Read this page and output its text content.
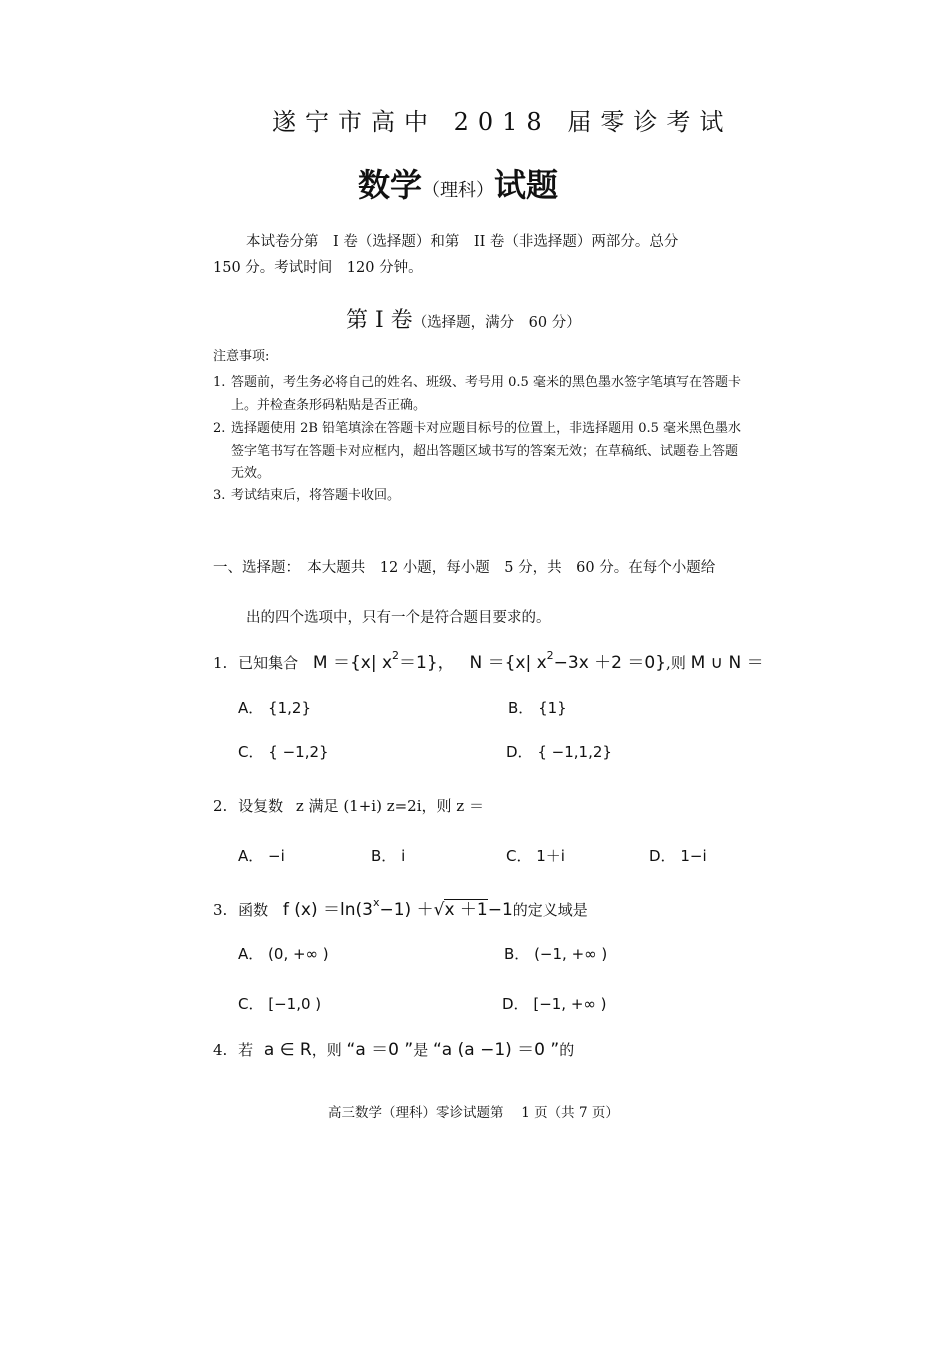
遂宁市高中 2018 届零诊考试
数学（理科）试题
本试卷分第　I 卷（选择题）和第　II 卷（非选择题）两部分。总分
150 分。考试时间　120 分钟。
第 I 卷（选择题，满分　60 分）
注意事项:
1. 答题前，考生务必将自己的姓名、班级、考号用 0.5 毫米的黑色墨水签字笔填写在答题卡
上。并检查条形码粘贴是否正确。
2. 选择题使用 2B 铅笔填涂在答题卡对应题目标号的位置上，非选择题用 0.5 毫米黑色墨水
签字笔书写在答题卡对应框内，超出答题区域书写的答案无效；在草稿纸、试题卷上答题
无效。
3. 考试结束后，将答题卡收回。
一、选择题：　本大题共　12 小题，每小题　5 分，共　60 分。在每个小题给
出的四个选项中，只有一个是符合题目要求的。
1. 已知集合 M ＝{x| $x^2=1$}， N ＝{x| $x^2-3x +2 =0$},则 M ∪ N ＝
A． {1,2}	B． {1}
C． { −1,2}	D． { −1,1,2}
2. 设复数 z 满足 (1+i) z=2i，则 z ＝
A． −i	B． i	C． 1＋i	D． 1−i
3. 函数 f $(x) =\ln(3^x-1) +√x +1-1$的定义域是
A． (0, +∞ )	B． (−1, +∞ )
C． [−1,0 )	D． [−1, +∞ )
4. 若 a ∈ R，则 “a ＝0 ”是 “a (a −1) ＝0 ”的
高三数学（理科）零诊试题第　 1 页（共 7 页）
